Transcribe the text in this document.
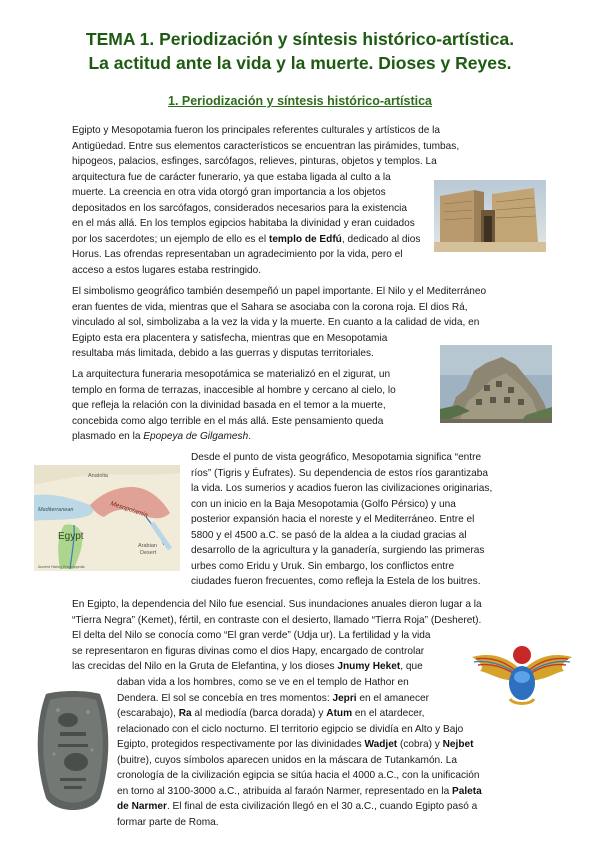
TEMA 1. Periodización y síntesis histórico-artística.
La actitud ante la vida y la muerte. Dioses y Reyes.
1. Periodización y síntesis histórico-artística

Egipto y Mesopotamia fueron los principales referentes culturales y artísticos de la
Antigüedad. Entre sus elementos característicos se encuentran las pirámides, tumbas,
hipogeos, palacios, esfinges, sarcófagos, relieves, pinturas, objetos y templos. La
arquitectura fue de carácter funerario, ya que estaba ligada al culto a la
muerte. La creencia en otra vida otorgó gran importancia a los objetos
depositados en los sarcófagos, considerados necesarios para la existencia
en el más allá. En los templos egipcios habitaba la divinidad y eran cuidados
por los sacerdotes; un ejemplo de ello es el templo de Edfú, dedicado al dios
Horus. Las ofrendas representaban un agradecimiento por la vida, pero el
acceso a estos lugares estaba restringido.

El simbolismo geográfico también desempeñó un papel importante. El Nilo y el Mediterráneo
eran fuentes de vida, mientras que el Sahara se asociaba con la corona roja. El dios Rá,
vinculado al sol, simbolizaba a la vez la vida y la muerte. En cuanto a la calidad de vida, en
Egipto esta era placentera y satisfecha, mientras que en Mesopotamia
resultaba más limitada, debido a las guerras y disputas territoriales.

La arquitectura funeraria mesopotámica se materializó en el zigurat, un
templo en forma de terrazas, inaccesible al hombre y cercano al cielo, lo
que refleja la relación con la divinidad basada en el temor a la muerte,
concebida como algo terrible en el más allá. Este pensamiento queda
plasmado en la Epopeya de Gilgamesh.

Desde el punto de vista geográfico, Mesopotamia significa “entre
ríos” (Tigris y Éufrates). Su dependencia de estos ríos garantizaba
la vida. Los sumerios y acadios fueron las civilizaciones originarias,
con un inicio en la Baja Mesopotamia (Golfo Pérsico) y una
posterior expansión hacia el noreste y el Mediterráneo. Entre el
5800 y el 4500 a.C. se pasó de la aldea a la ciudad gracias al
desarrollo de la agricultura y la ganadería, surgiendo las primeras
urbes como Eridu y Uruk. Sin embargo, los conflictos entre
ciudades fueron frecuentes, como refleja la Estela de los buitres.

En Egipto, la dependencia del Nilo fue esencial. Sus inundaciones anuales dieron lugar a la
“Tierra Negra” (Kemet), fértil, en contraste con el desierto, llamado “Tierra Roja” (Desheret).
El delta del Nilo se conocía como “El gran verde” (Udja ur). La fertilidad y la vida
se representaron en figuras divinas como el dios Hapy, encargado de controlar
las crecidas del Nilo en la Gruta de Elefantina, y los dioses Jnumy Heket, que

daban vida a los hombres, como se ve en el templo de Hathor en
Dendera. El sol se concebía en tres momentos: Jepri en el amanecer
(escarabajo), Ra al mediodía (barca dorada) y Atum en el atardecer,
relacionado con el ciclo nocturno. El territorio egipcio se dividía en Alto y Bajo
Egipto, protegidos respectivamente por las divinidades Wadjet (cobra) y Nejbet
(buitre), cuyos símbolos aparecen unidos en la máscara de Tutankamón. La
cronología de la civilización egipcia se sitúa hacia el 4000 a.C., con la unificación
en torno al 3100-3000 a.C., atribuida al faraón Narmer, representado en la Paleta
de Narmer. El final de esta civilización llegó en el 30 a.C., cuando Egipto pasó a
formar parte de Roma.

Anatolia
Mediterranean	Mesopotamia
Egypt
Arabian
Desert
Ancient History Encyclopedia
